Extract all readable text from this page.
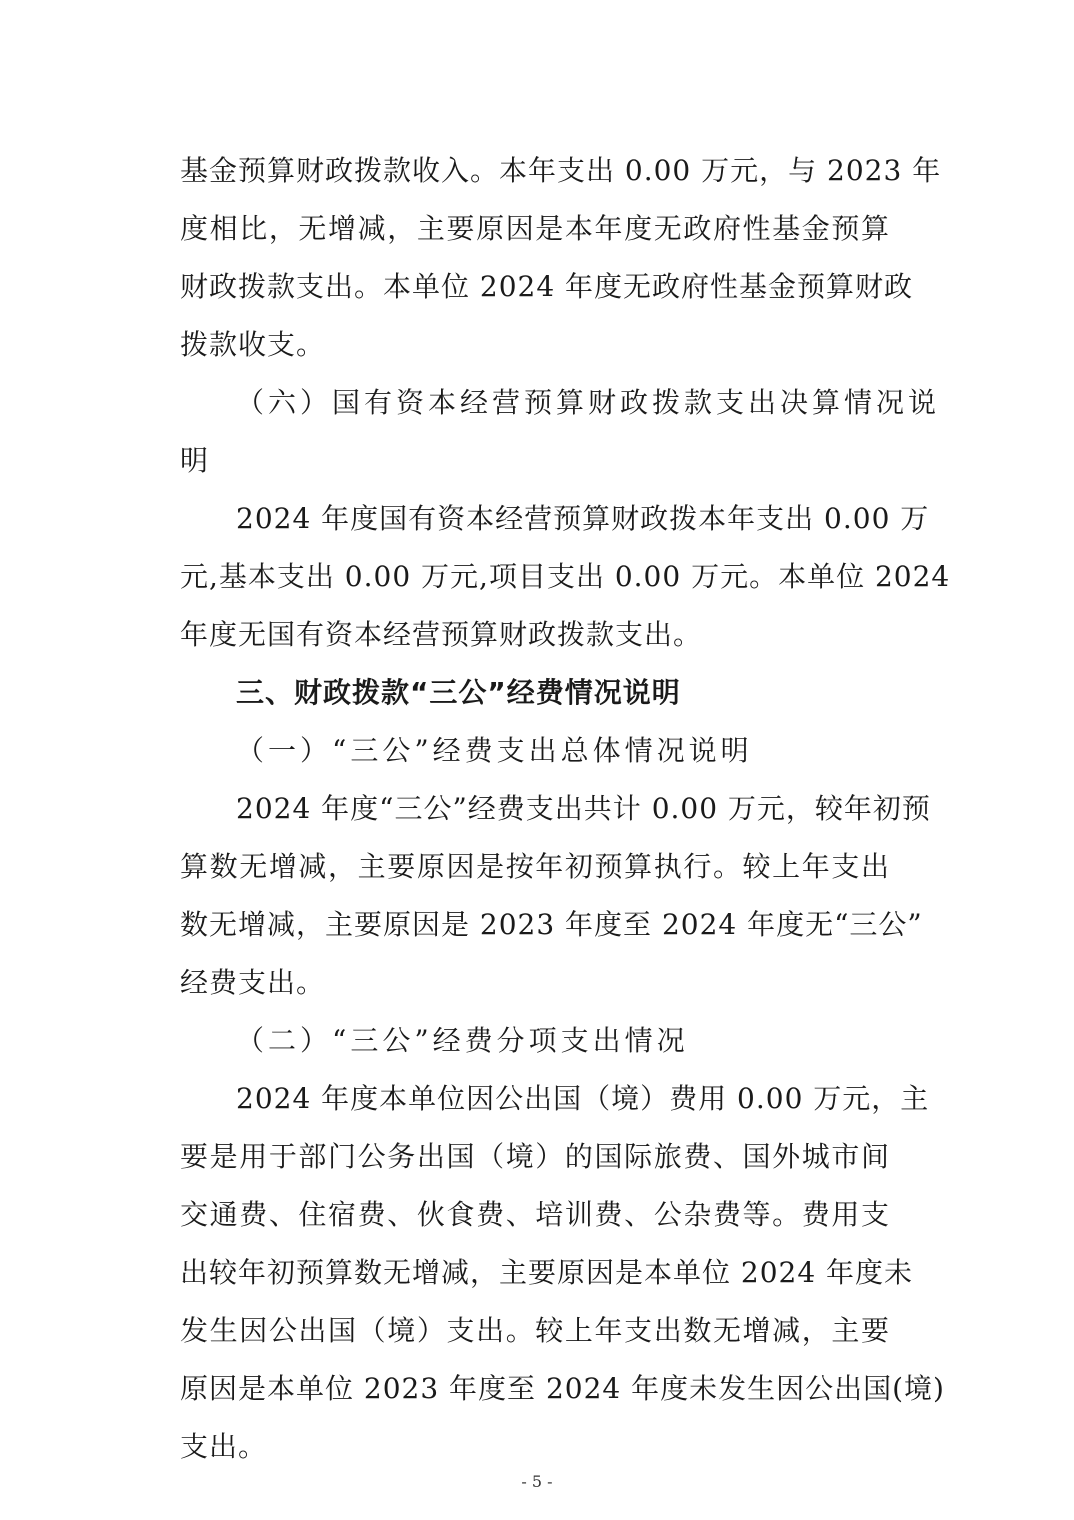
基金预算财政拨款收入。本年支出 0.00 万元，与 2023 年
度相比，无增减，主要原因是本年度无政府性基金预算
财政拨款支出。本单位 2024 年度无政府性基金预算财政
拨款收支。
（六）国有资本经营预算财政拨款支出决算情况说
明
2024 年度国有资本经营预算财政拨本年支出 0.00 万
元,基本支出 0.00 万元,项目支出 0.00 万元。本单位 2024
年度无国有资本经营预算财政拨款支出。
三、财政拨款“三公”经费情况说明
（一）“三公”经费支出总体情况说明
2024 年度“三公”经费支出共计 0.00 万元，较年初预
算数无增减，主要原因是按年初预算执行。较上年支出
数无增减，主要原因是 2023 年度至 2024 年度无“三公”
经费支出。
（二）“三公”经费分项支出情况
2024 年度本单位因公出国（境）费用 0.00 万元，主
要是用于部门公务出国（境）的国际旅费、国外城市间
交通费、住宿费、伙食费、培训费、公杂费等。费用支
出较年初预算数无增减，主要原因是本单位 2024 年度未
发生因公出国（境）支出。较上年支出数无增减，主要
原因是本单位 2023 年度至 2024 年度未发生因公出国(境)
支出。
- 5 -
